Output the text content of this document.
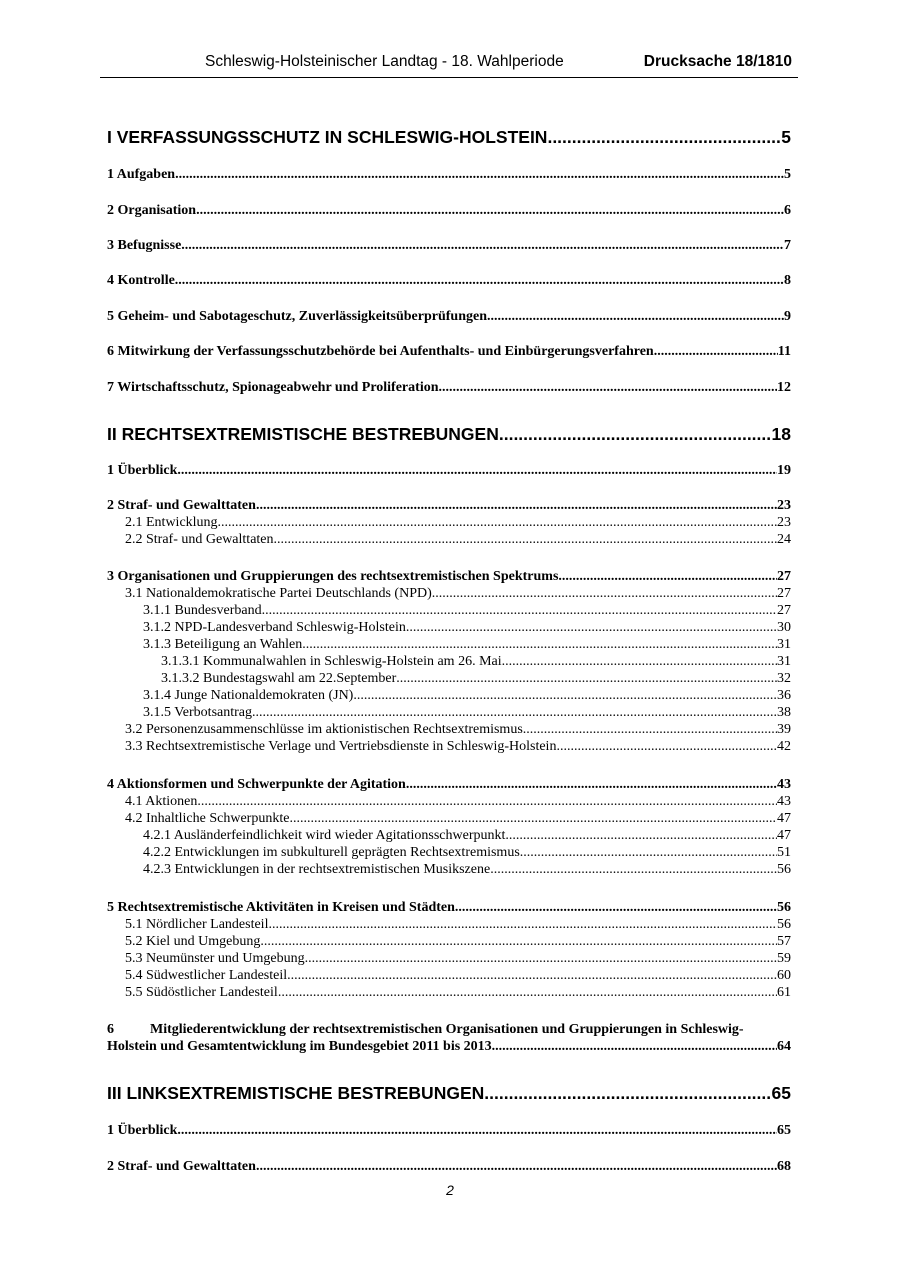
Schleswig-Holsteinischer Landtag - 18. Wahlperiode	Drucksache 18/1810
I VERFASSUNGSSCHUTZ IN SCHLESWIG-HOLSTEIN .....	5
1 Aufgaben .....	5
2 Organisation .....	6
3 Befugnisse .....	7
4 Kontrolle .....	8
5 Geheim- und Sabotageschutz, Zuverlässigkeitsüberprüfungen .....	9
6 Mitwirkung der Verfassungsschutzbehörde bei Aufenthalts- und Einbürgerungsverfahren .....	11
7 Wirtschaftsschutz, Spionageabwehr und Proliferation .....	12
II RECHTSEXTREMISTISCHE BESTREBUNGEN .....	18
1 Überblick .....	19
2 Straf- und Gewalttaten .....	23
2.1 Entwicklung .....	23
2.2 Straf- und Gewalttaten .....	24
3 Organisationen und Gruppierungen des rechtsextremistischen Spektrums .....	27
3.1 Nationaldemokratische Partei Deutschlands (NPD) .....	27
3.1.1 Bundesverband .....	27
3.1.2 NPD-Landesverband Schleswig-Holstein .....	30
3.1.3 Beteiligung an Wahlen .....	31
3.1.3.1 Kommunalwahlen in Schleswig-Holstein am 26. Mai .....	31
3.1.3.2 Bundestagswahl am 22.September .....	32
3.1.4 Junge Nationaldemokraten (JN) .....	36
3.1.5 Verbotsantrag .....	38
3.2 Personenzusammenschlüsse im aktionistischen Rechtsextremismus .....	39
3.3 Rechtsextremistische Verlage und Vertriebsdienste in Schleswig-Holstein .....	42
4 Aktionsformen und Schwerpunkte der Agitation .....	43
4.1 Aktionen .....	43
4.2 Inhaltliche Schwerpunkte .....	47
4.2.1 Ausländerfeindlichkeit wird wieder Agitationsschwerpunkt .....	47
4.2.2 Entwicklungen im subkulturell geprägten Rechtsextremismus .....	51
4.2.3 Entwicklungen in der rechtsextremistischen Musikszene .....	56
5 Rechtsextremistische Aktivitäten in Kreisen und Städten .....	56
5.1 Nördlicher Landesteil .....	56
5.2 Kiel und Umgebung .....	57
5.3 Neumünster und Umgebung .....	59
5.4 Südwestlicher Landesteil .....	60
5.5 Südöstlicher Landesteil .....	61
6	Mitgliederentwicklung der rechtsextremistischen Organisationen und Gruppierungen in Schleswig-
Holstein und Gesamtentwicklung im Bundesgebiet 2011 bis 2013 .....	64
III LINKSEXTREMISTISCHE BESTREBUNGEN .....	65
1 Überblick .....	65
2 Straf- und Gewalttaten .....	68
2
